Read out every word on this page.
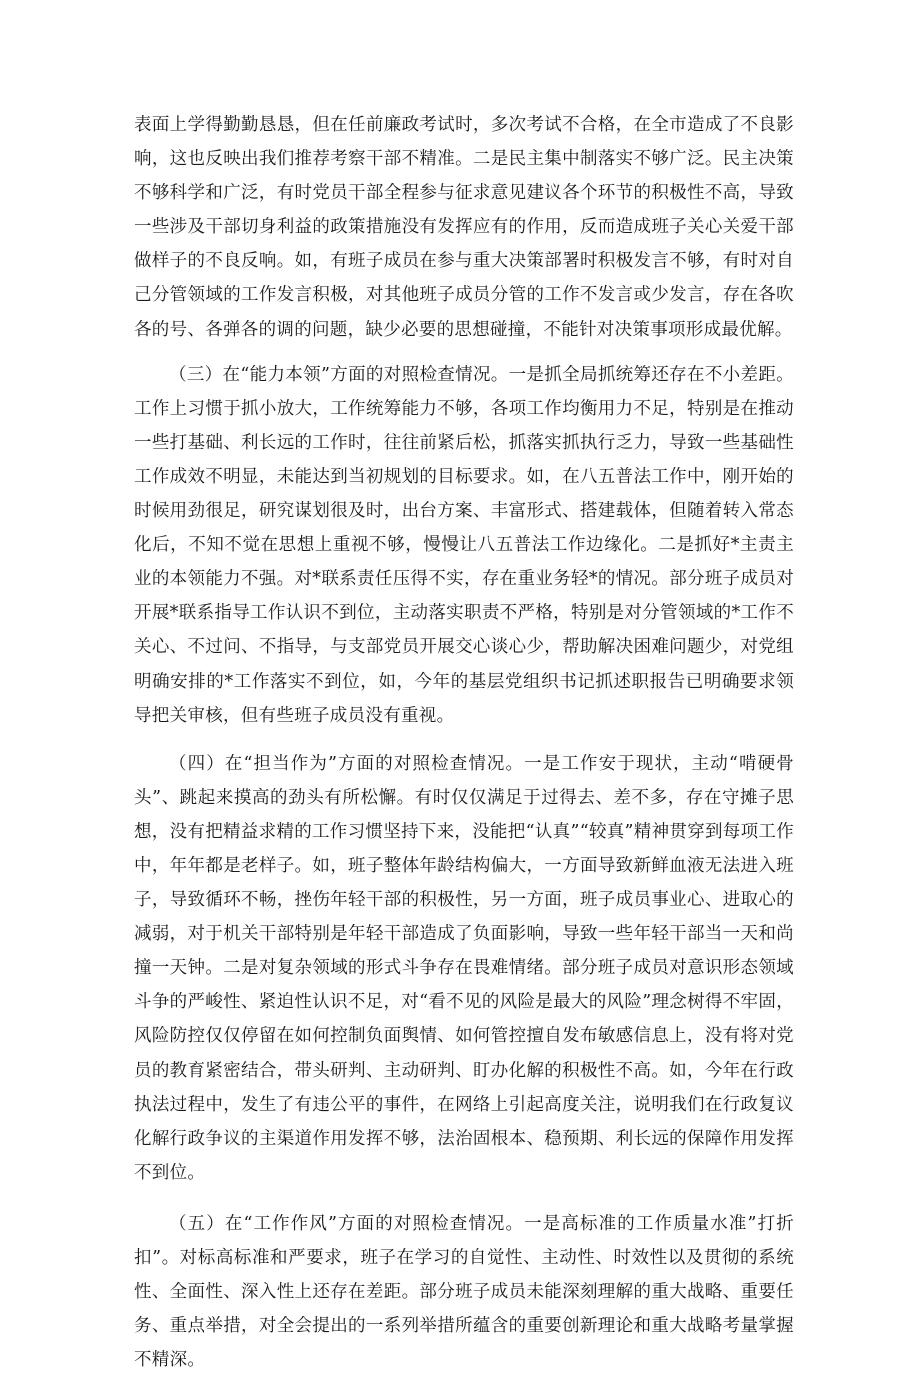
表面上学得勤勤恳恳，但在任前廉政考试时，多次考试不合格，在全市造成了不良影响，这也反映出我们推荐考察干部不精准。二是民主集中制落实不够广泛。民主决策不够科学和广泛，有时党员干部全程参与征求意见建议各个环节的积极性不高，导致一些涉及干部切身利益的政策措施没有发挥应有的作用，反而造成班子关心关爱干部做样子的不良反响。如，有班子成员在参与重大决策部署时积极发言不够，有时对自己分管领域的工作发言积极，对其他班子成员分管的工作不发言或少发言，存在各吹各的号、各弹各的调的问题，缺少必要的思想碰撞，不能针对决策事项形成最优解。

（三）在“能力本领”方面的对照检查情况。一是抓全局抓统筹还存在不小差距。工作上习惯于抓小放大，工作统筹能力不够，各项工作均衡用力不足，特别是在推动一些打基础、利长远的工作时，往往前紧后松，抓落实抓执行乏力，导致一些基础性工作成效不明显，未能达到当初规划的目标要求。如，在八五普法工作中，刚开始的时候用劲很足，研究谋划很及时，出台方案、丰富形式、搭建载体，但随着转入常态化后，不知不觉在思想上重视不够，慢慢让八五普法工作边缘化。二是抓好*主责主业的本领能力不强。对*联系责任压得不实，存在重业务轻*的情况。部分班子成员对开展*联系指导工作认识不到位，主动落实职责不严格，特别是对分管领域的*工作不关心、不过问、不指导，与支部党员开展交心谈心少，帮助解决困难问题少，对党组明确安排的*工作落实不到位，如，今年的基层党组织书记抓述职报告已明确要求领导把关审核，但有些班子成员没有重视。

（四）在“担当作为”方面的对照检查情况。一是工作安于现状，主动“啃硬骨头”、跳起来摸高的劲头有所松懈。有时仅仅满足于过得去、差不多，存在守摊子思想，没有把精益求精的工作习惯坚持下来，没能把“认真”“较真”精神贯穿到每项工作中，年年都是老样子。如，班子整体年龄结构偏大，一方面导致新鲜血液无法进入班子，导致循环不畅，挫伤年轻干部的积极性，另一方面，班子成员事业心、进取心的减弱，对于机关干部特别是年轻干部造成了负面影响，导致一些年轻干部当一天和尚撞一天钟。二是对复杂领域的形式斗争存在畏难情绪。部分班子成员对意识形态领域斗争的严峻性、紧迫性认识不足，对“看不见的风险是最大的风险”理念树得不牢固，风险防控仅仅停留在如何控制负面舆情、如何管控擅自发布敏感信息上，没有将对党员的教育紧密结合，带头研判、主动研判、盯办化解的积极性不高。如，今年在行政执法过程中，发生了有违公平的事件，在网络上引起高度关注，说明我们在行政复议化解行政争议的主渠道作用发挥不够，法治固根本、稳预期、利长远的保障作用发挥不到位。

（五）在“工作作风”方面的对照检查情况。一是高标准的工作质量水准”打折扣”。对标高标准和严要求，班子在学习的自觉性、主动性、时效性以及贯彻的系统性、全面性、深入性上还存在差距。部分班子成员未能深刻理解的重大战略、重要任务、重点举措，对全会提出的一系列举措所蕴含的重要创新理论和重大战略考量掌握不精深。
